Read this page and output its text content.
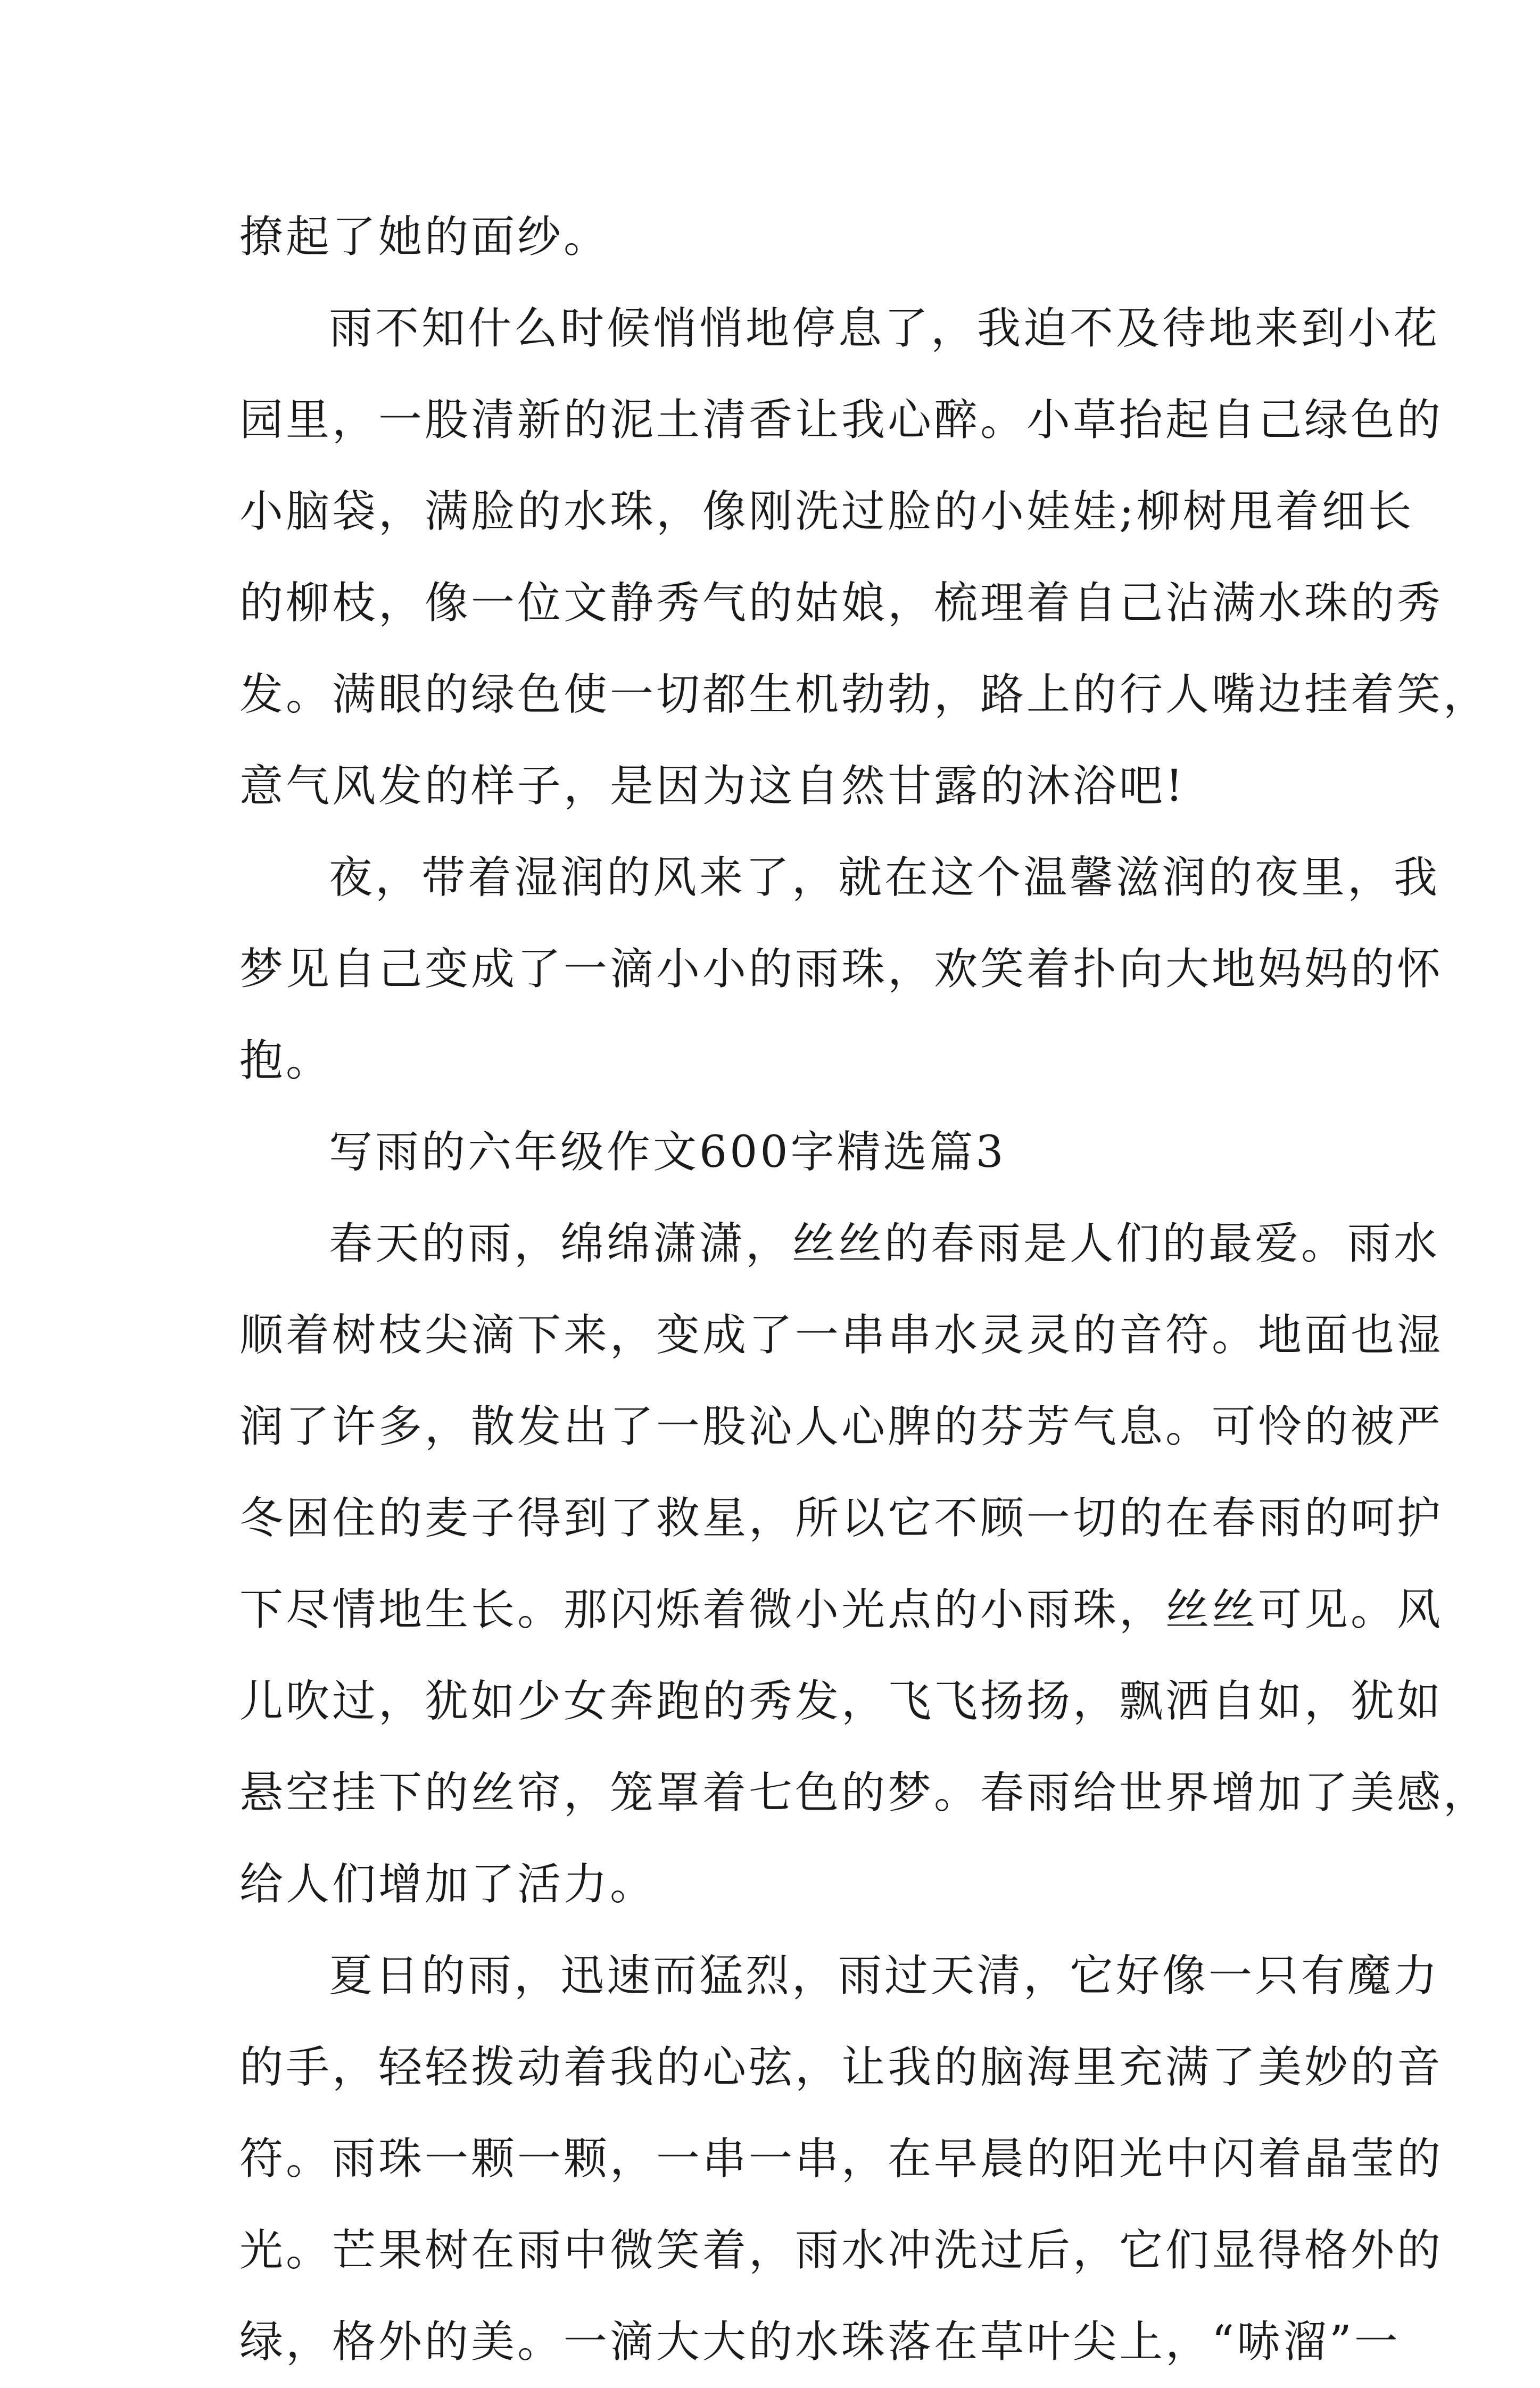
撩起了她的面纱。
雨不知什么时候悄悄地停息了，我迫不及待地来到小花
园里，一股清新的泥土清香让我心醉。小草抬起自己绿色的
小脑袋，满脸的水珠，像刚洗过脸的小娃娃;柳树甩着细长
的柳枝，像一位文静秀气的姑娘，梳理着自己沾满水珠的秀
发。满眼的绿色使一切都生机勃勃，路上的行人嘴边挂着笑，
意气风发的样子，是因为这自然甘露的沐浴吧!
夜，带着湿润的风来了，就在这个温馨滋润的夜里，我
梦见自己变成了一滴小小的雨珠，欢笑着扑向大地妈妈的怀
抱。
写雨的六年级作文600字精选篇3
春天的雨，绵绵潇潇，丝丝的春雨是人们的最爱。雨水
顺着树枝尖滴下来，变成了一串串水灵灵的音符。地面也湿
润了许多，散发出了一股沁人心脾的芬芳气息。可怜的被严
冬困住的麦子得到了救星，所以它不顾一切的在春雨的呵护
下尽情地生长。那闪烁着微小光点的小雨珠，丝丝可见。风
儿吹过，犹如少女奔跑的秀发，飞飞扬扬，飘洒自如，犹如
悬空挂下的丝帘，笼罩着七色的梦。春雨给世界增加了美感，
给人们增加了活力。
夏日的雨，迅速而猛烈，雨过天清，它好像一只有魔力
的手，轻轻拨动着我的心弦，让我的脑海里充满了美妙的音
符。雨珠一颗一颗，一串一串，在早晨的阳光中闪着晶莹的
光。芒果树在雨中微笑着，雨水冲洗过后，它们显得格外的
绿，格外的美。一滴大大的水珠落在草叶尖上，“哧溜”一
